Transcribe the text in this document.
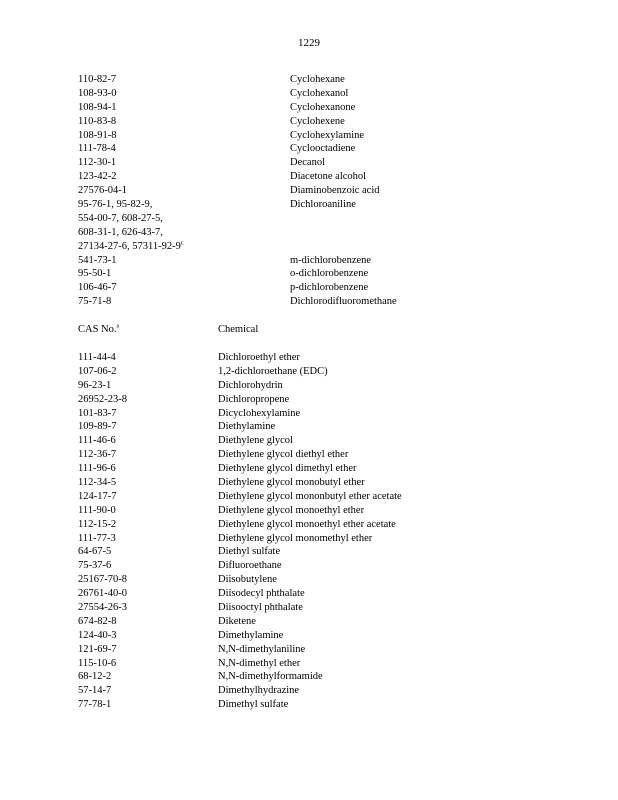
1229
110-82-7	Cyclohexane
108-93-0	Cyclohexanol
108-94-1	Cyclohexanone
110-83-8	Cyclohexene
108-91-8	Cyclohexylamine
111-78-4	Cyclooctadiene
112-30-1	Decanol
123-42-2	Diacetone alcohol
27576-04-1	Diaminobenzoic acid
95-76-1, 95-82-9,	Dichloroaniline
554-00-7, 608-27-5,
608-31-1, 626-43-7,
27134-27-6, 57311-92-9$^c$
541-73-1	m-dichlorobenzene
95-50-1	o-dichlorobenzene
106-46-7	p-dichlorobenzene
75-71-8	Dichlorodifluoromethane
CAS No.$^a$	Chemical
111-44-4	Dichloroethyl ether
107-06-2	1,2-dichloroethane (EDC)
96-23-1	Dichlorohydrin
26952-23-8	Dichloropropene
101-83-7	Dicyclohexylamine
109-89-7	Diethylamine
111-46-6	Diethylene glycol
112-36-7	Diethylene glycol diethyl ether
111-96-6	Diethylene glycol dimethyl ether
112-34-5	Diethylene glycol monobutyl ether
124-17-7	Diethylene glycol mononbutyl ether acetate
111-90-0	Diethylene glycol monoethyl ether
112-15-2	Diethylene glycol monoethyl ether acetate
111-77-3	Diethylene glycol monomethyl ether
64-67-5	Diethyl sulfate
75-37-6	Difluoroethane
25167-70-8	Diisobutylene
26761-40-0	Diisodecyl phthalate
27554-26-3	Diisooctyl phthalate
674-82-8	Diketene
124-40-3	Dimethylamine
121-69-7	N,N-dimethylaniline
115-10-6	N,N-dimethyl ether
68-12-2	N,N-dimethylformamide
57-14-7	Dimethylhydrazine
77-78-1	Dimethyl sulfate
